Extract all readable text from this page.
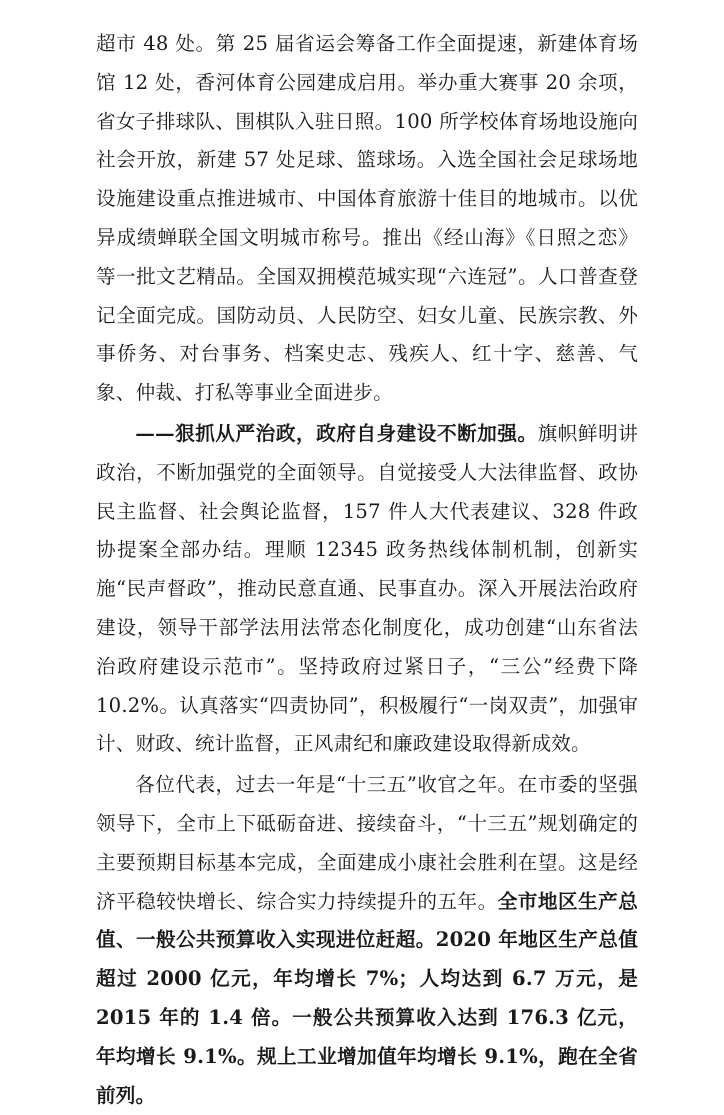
超市 48 处。第 25 届省运会筹备工作全面提速，新建体育场馆 12 处，香河体育公园建成启用。举办重大赛事 20 余项，省女子排球队、围棋队入驻日照。100 所学校体育场地设施向社会开放，新建 57 处足球、篮球场。入选全国社会足球场地设施建设重点推进城市、中国体育旅游十佳目的地城市。以优异成绩蝉联全国文明城市称号。推出《经山海》《日照之恋》等一批文艺精品。全国双拥模范城实现“六连冠”。人口普查登记全面完成。国防动员、人民防空、妇女儿童、民族宗教、外事侨务、对台事务、档案史志、残疾人、红十字、慈善、气象、仲裁、打私等事业全面进步。

——狠抓从严治政，政府自身建设不断加强。旗帜鲜明讲政治，不断加强党的全面领导。自觉接受人大法律监督、政协民主监督、社会舆论监督，157 件人大代表建议、328 件政协提案全部办结。理顺 12345 政务热线体制机制，创新实施“民声督政”，推动民意直通、民事直办。深入开展法治政府建设，领导干部学法用法常态化制度化，成功创建“山东省法治政府建设示范市”。坚持政府过紧日子，“三公”经费下降 10.2%。认真落实“四责协同”，积极履行“一岗双责”，加强审计、财政、统计监督，正风肃纪和廉政建设取得新成效。

各位代表，过去一年是“十三五”收官之年。在市委的坚强领导下，全市上下砥砺奋进、接续奋斗，“十三五”规划确定的主要预期目标基本完成，全面建成小康社会胜利在望。这是经济平稳较快增长、综合实力持续提升的五年。全市地区生产总值、一般公共预算收入实现进位赶超。2020 年地区生产总值超过 2000 亿元，年均增长 7%；人均达到 6.7 万元，是 2015 年的 1.4 倍。一般公共预算收入达到 176.3 亿元，年均增长 9.1%。规上工业增加值年均增长 9.1%，跑在全省前列。
